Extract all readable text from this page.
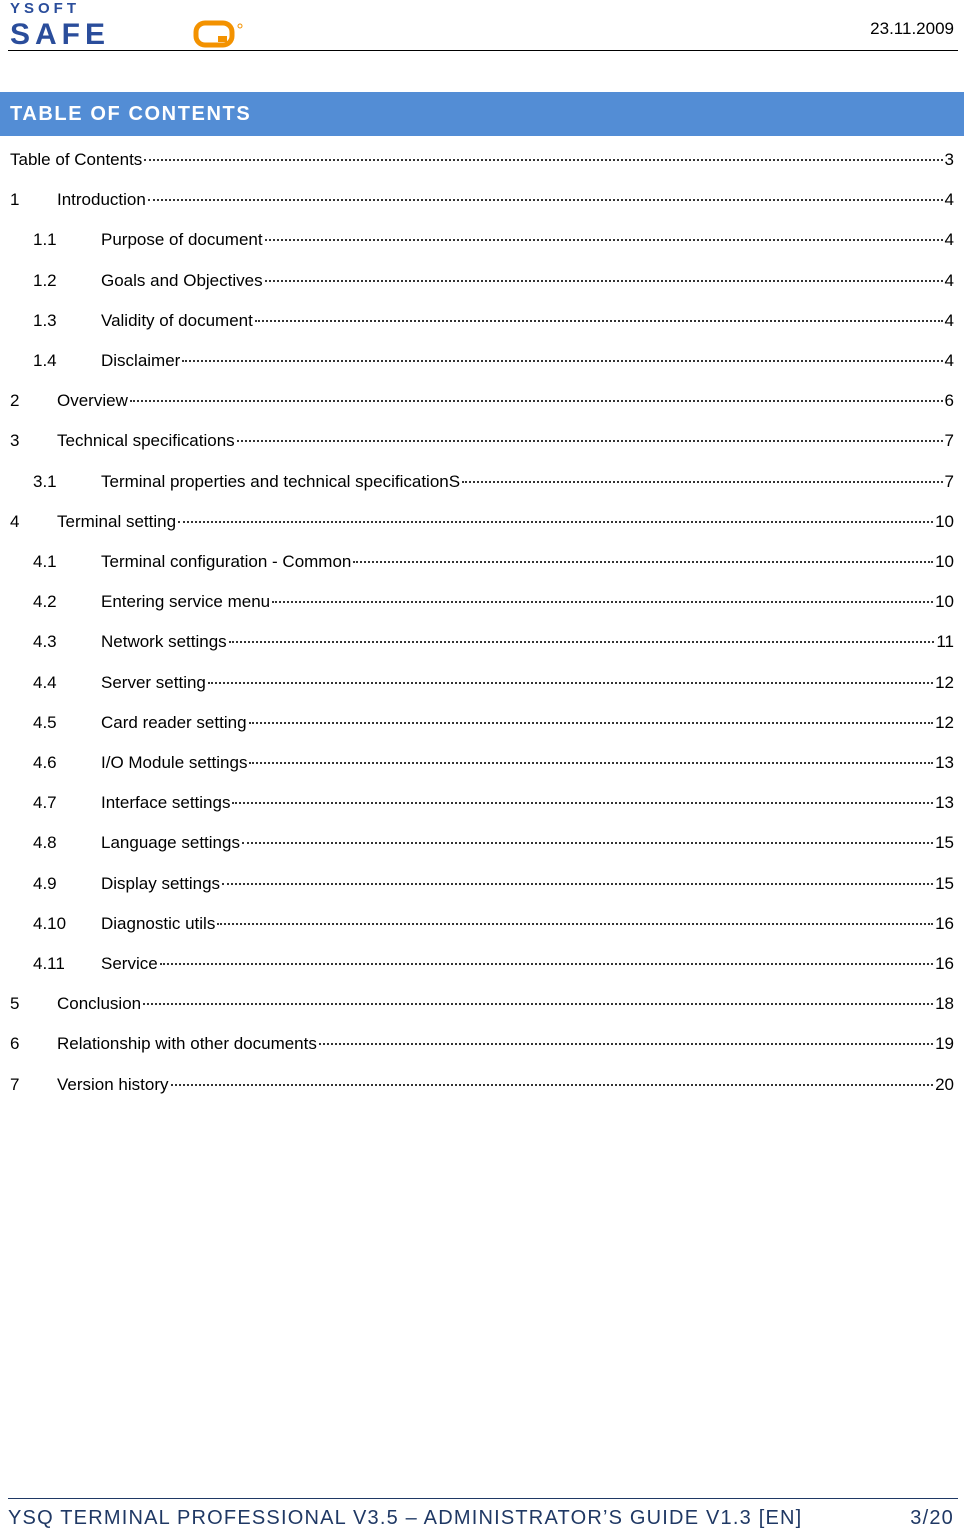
YSOFT
SAFE	23.11.2009
TABLE OF CONTENTS
Table of Contents	3
1 Introduction	4
1.1	Purpose of document	4
1.2	Goals and Objectives	4
1.3	Validity of document	4
1.4	Disclaimer	4
2 Overview	6
3 Technical specifications	7
3.1	Terminal properties and technical specificationS	7
4 Terminal setting	10
4.1	Terminal configuration - Common	10
4.2	Entering service menu	10
4.3	Network settings	11
4.4	Server setting	12
4.5	Card reader setting	12
4.6	I/O Module settings	13
4.7	Interface settings	13
4.8	Language settings	15
4.9	Display settings	15
4.10 Diagnostic utils	16
4.11 Service	16
5 Conclusion	18
6 Relationship with other documents	19
7 Version history	20
YSQ TERMINAL PROFESSIONAL V3.5 – ADMINISTRATOR’S GUIDE V1.3 [EN]	3/20
